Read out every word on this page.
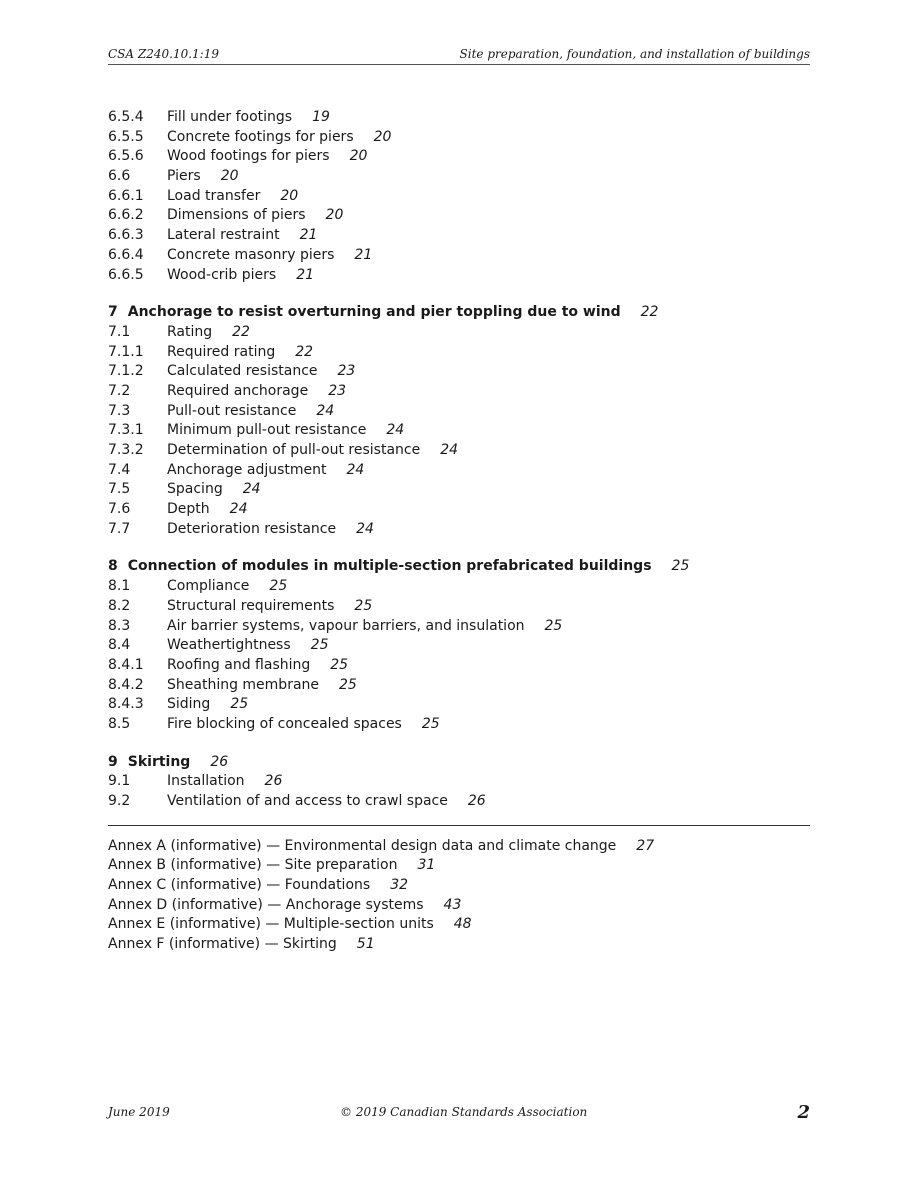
CSA Z240.10.1:19	Site preparation, foundation, and installation of buildings
6.5.4 Fill under footings 19
6.5.5 Concrete footings for piers 20
6.5.6 Wood footings for piers 20
6.6	Piers 20
6.6.1 Load transfer 20
6.6.2 Dimensions of piers 20
6.6.3 Lateral restraint 21
6.6.4 Concrete masonry piers 21
6.6.5 Wood-crib piers 21
7 Anchorage to resist overturning and pier toppling due to wind 22
7.1	Rating 22
7.1.1 Required rating 22
7.1.2 Calculated resistance 23
7.2	Required anchorage 23
7.3	Pull-out resistance 24
7.3.1 Minimum pull-out resistance 24
7.3.2 Determination of pull-out resistance 24
7.4	Anchorage adjustment 24
7.5	Spacing 24
7.6	Depth 24
7.7	Deterioration resistance 24
8 Connection of modules in multiple-section prefabricated buildings 25
8.1	Compliance 25
8.2	Structural requirements 25
8.3	Air barrier systems, vapour barriers, and insulation 25
8.4	Weathertightness 25
8.4.1 Roofing and flashing 25
8.4.2 Sheathing membrane 25
8.4.3 Siding 25
8.5	Fire blocking of concealed spaces 25
9 Skirting 26
9.1	Installation 26
9.2	Ventilation of and access to crawl space 26
Annex A (informative) — Environmental design data and climate change 27
Annex B (informative) — Site preparation 31
Annex C (informative) — Foundations 32
Annex D (informative) — Anchorage systems 43
Annex E (informative) — Multiple-section units 48
Annex F (informative) — Skirting 51
June 2019	© 2019 Canadian Standards Association	2
